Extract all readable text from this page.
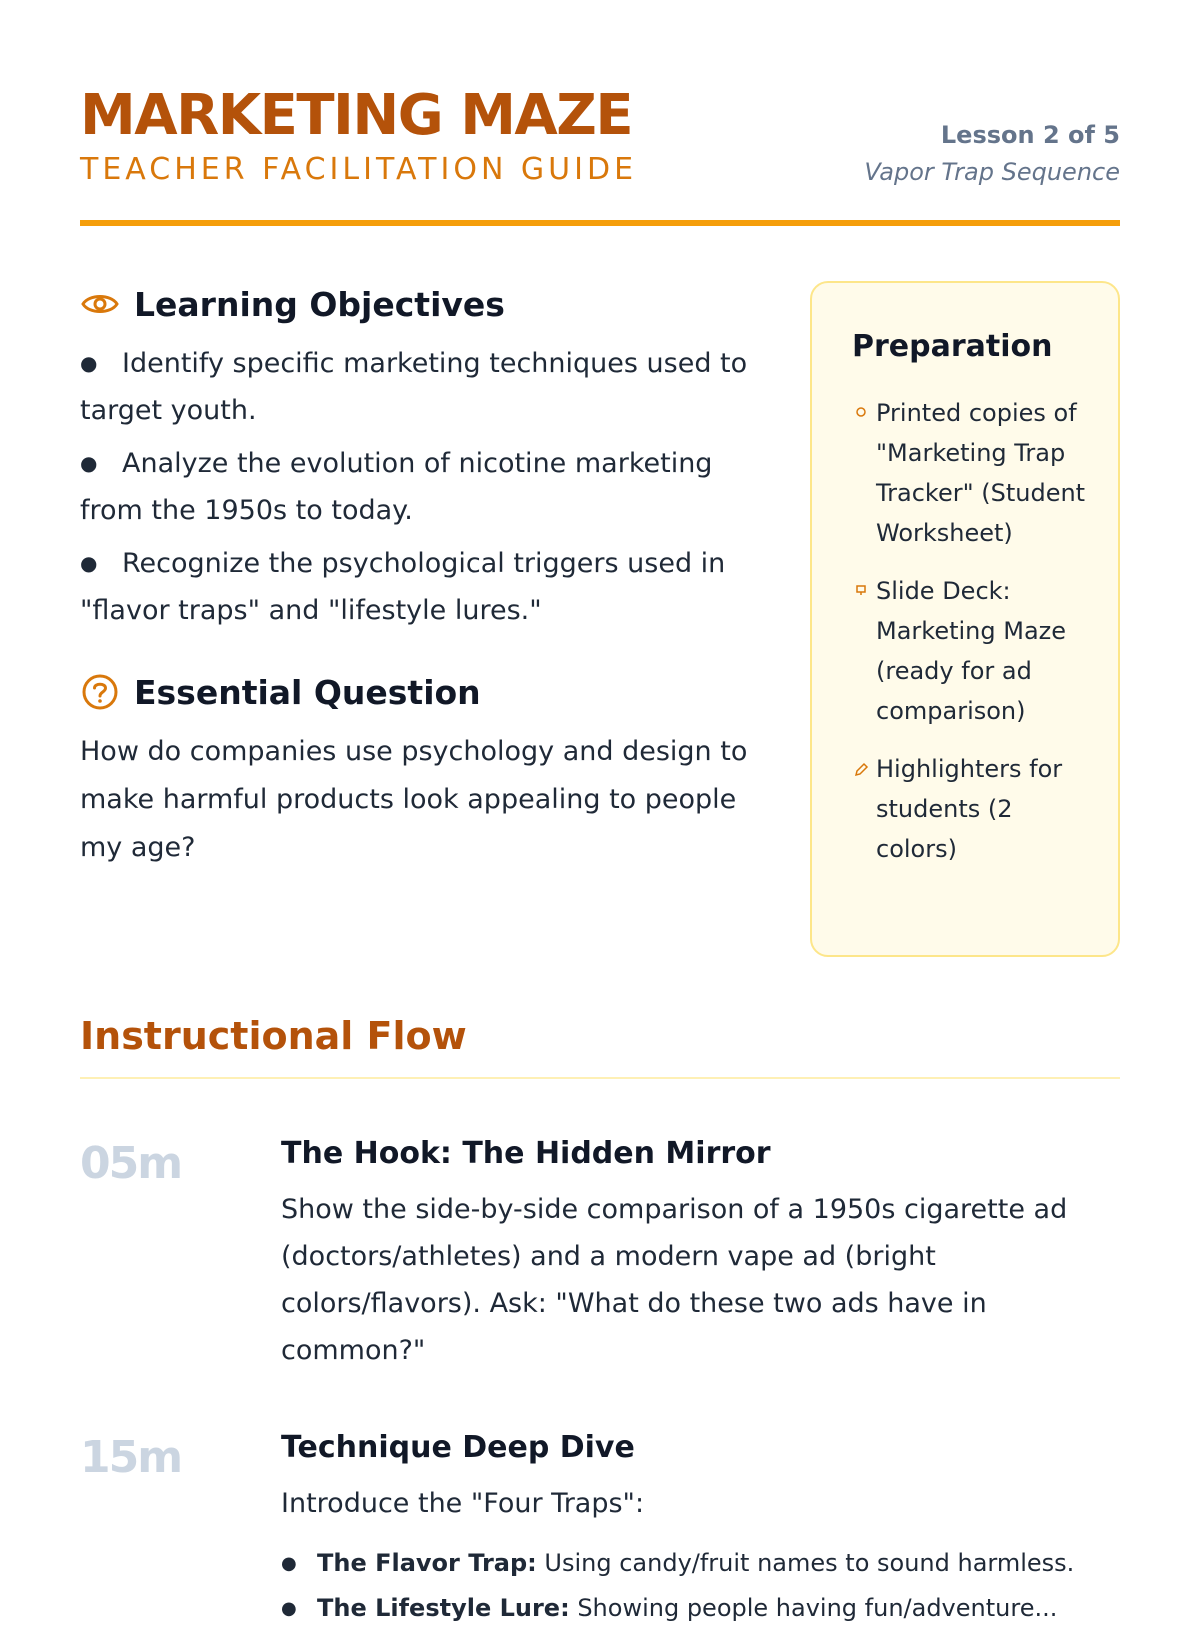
MARKETING MAZE
TEACHER FACILITATION GUIDE
Lesson 2 of 5
Vapor Trap Sequence
Learning Objectives
● Identify specific marketing techniques used to target youth.
● Analyze the evolution of nicotine marketing from the 1950s to today.
● Recognize the psychological triggers used in "flavor traps" and "lifestyle lures."
Essential Question

How do companies use psychology and design to make harmful products look appealing to people my age?

Preparation
Printed copies of "Marketing Trap Tracker" (Student Worksheet)
Slide Deck: Marketing Maze (ready for ad comparison)
Highlighters for students (2 colors)
Instructional Flow
05m	The Hook: The Hidden Mirror

Show the side-by-side comparison of a 1950s cigarette ad (doctors/athletes) and a modern vape ad (bright colors/flavors). Ask: "What do these two ads have in common?"

15m	Technique Deep Dive

Introduce the "Four Traps":

● The Flavor Trap: Using candy/fruit names to sound harmless.
● The Lifestyle Lure: Showing people having fun/adventure...
